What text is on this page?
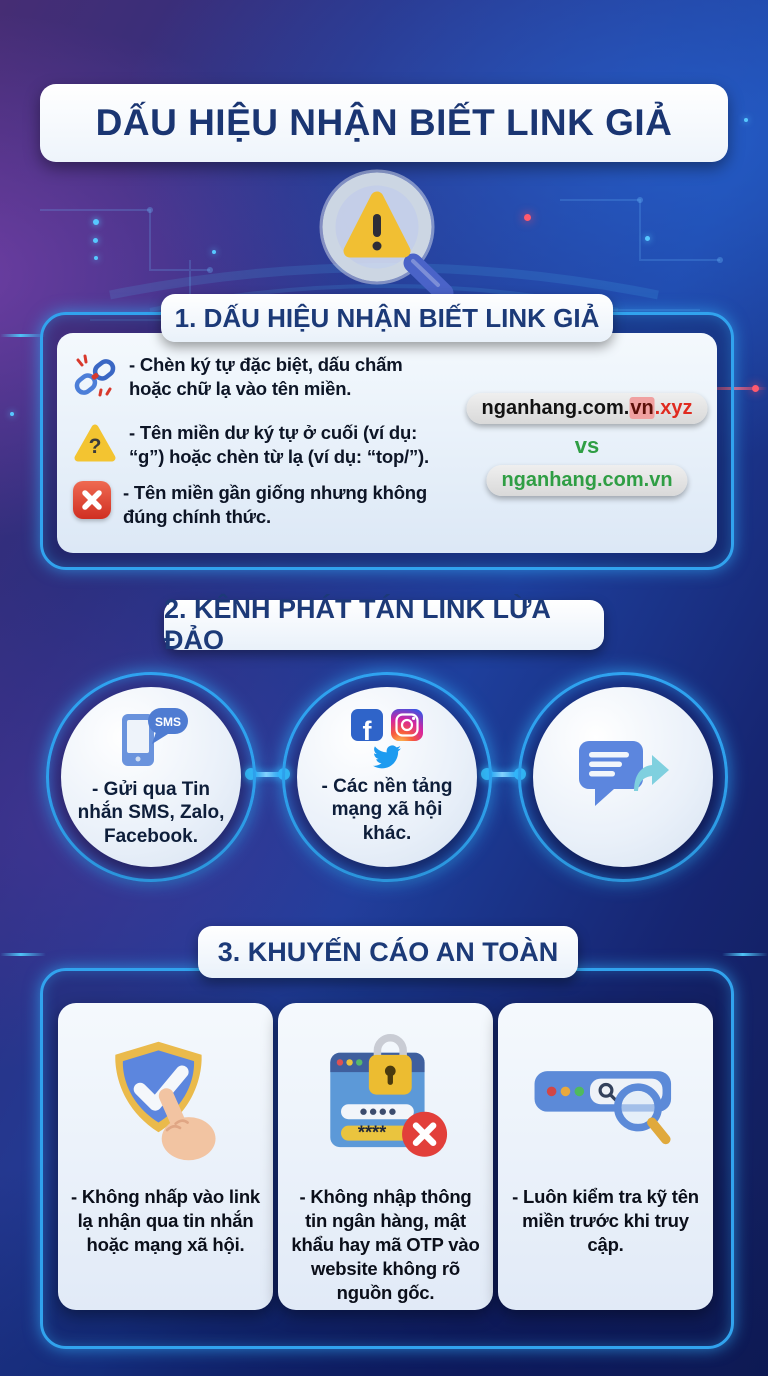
DẤU HIỆU NHẬN BIẾT LINK GIẢ
- Chèn ký tự đặc biệt, dấu chấm hoặc chữ lạ vào tên miền.
?
- Tên miền dư ký tự ở cuối (ví dụ: “g”) hoặc chèn từ lạ (ví dụ: “top/”).
- Tên miền gần giống nhưng không đúng chính thức.
nganhang.com.vn.xyz
vs
nganhang.com.vn
1. DẤU HIỆU NHẬN BIẾT LINK GIẢ
2. KÊNH PHÁT TÁN LINK LỪA ĐẢO
SMS
- Gửi qua Tin nhắn SMS, Zalo, Facebook.
f
- Các nền tảng mạng xã hội khác.
3. KHUYẾN CÁO AN TOÀN
- Không nhấp vào link lạ nhận qua tin nhắn hoặc mạng xã hội.
****
- Không nhập thông tin ngân hàng, mật khẩu hay mã OTP vào website không rõ nguồn gốc.
- Luôn kiểm tra kỹ tên miền trước khi truy cập.
